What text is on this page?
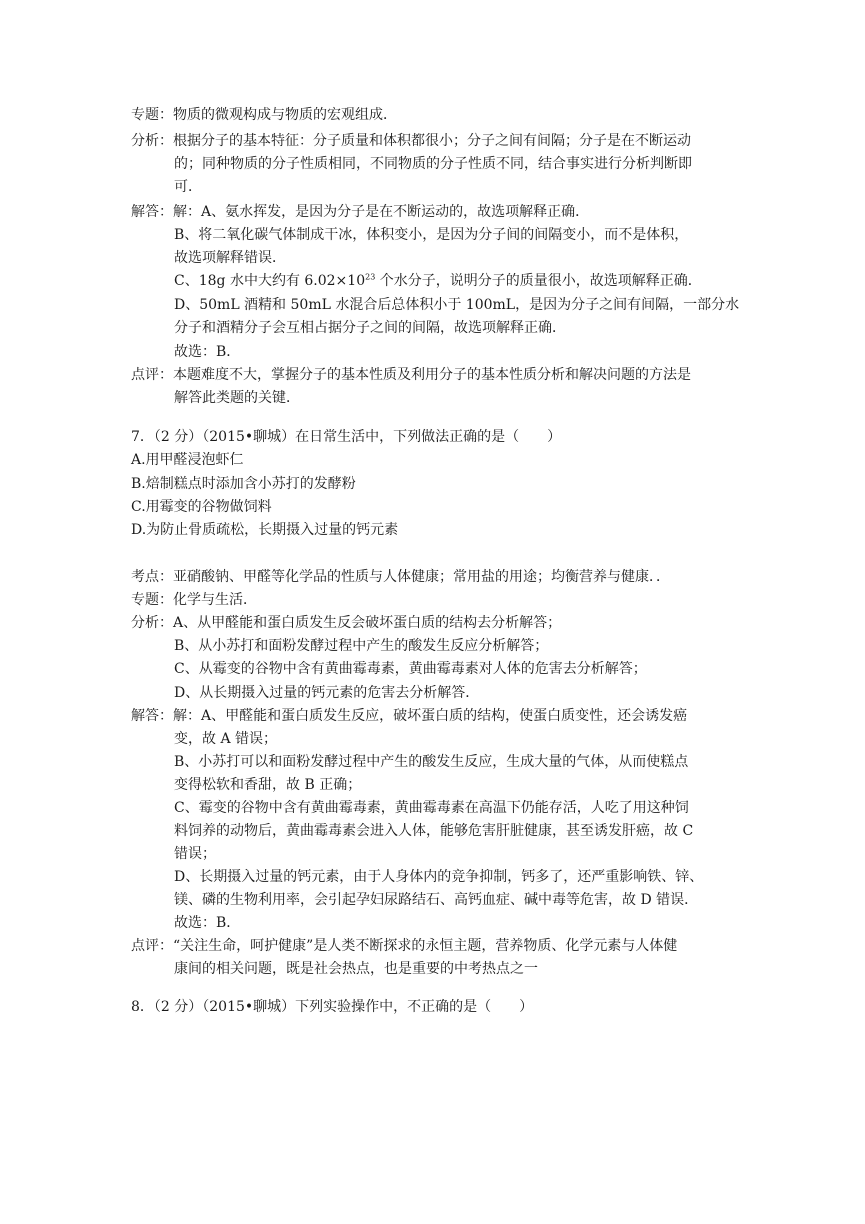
专题：物质的微观构成与物质的宏观组成．
分析：根据分子的基本特征：分子质量和体积都很小；分子之间有间隔；分子是在不断运动
的；同种物质的分子性质相同，不同物质的分子性质不同，结合事实进行分析判断即
可．
解答：解：A、氨水挥发，是因为分子是在不断运动的，故选项解释正确．
B、将二氧化碳气体制成干冰，体积变小，是因为分子间的间隔变小，而不是体积，
故选项解释错误．
C、18g 水中大约有 $6.02\times 10^{23}$ 个水分子，说明分子的质量很小，故选项解释正确．
D、50mL 酒精和 50mL 水混合后总体积小于 100mL，是因为分子之间有间隔，一部分水
分子和酒精分子会互相占据分子之间的间隔，故选项解释正确．
故选：B．
点评：本题难度不大，掌握分子的基本性质及利用分子的基本性质分析和解决问题的方法是
解答此类题的关键．
7．（2 分）（2015•聊城）在日常生活中，下列做法正确的是（　　）
A.用甲醛浸泡虾仁
B.焙制糕点时添加含小苏打的发酵粉
C.用霉变的谷物做饲料
D.为防止骨质疏松，长期摄入过量的钙元素
考点：亚硝酸钠、甲醛等化学品的性质与人体健康；常用盐的用途；均衡营养与健康．．
专题：化学与生活．
分析：A、从甲醛能和蛋白质发生反会破坏蛋白质的结构去分析解答；
B、从小苏打和面粉发酵过程中产生的酸发生反应分析解答；
C、从霉变的谷物中含有黄曲霉毒素，黄曲霉毒素对人体的危害去分析解答；
D、从长期摄入过量的钙元素的危害去分析解答．
解答：解：A、甲醛能和蛋白质发生反应，破坏蛋白质的结构，使蛋白质变性，还会诱发癌
变，故 A 错误；
B、小苏打可以和面粉发酵过程中产生的酸发生反应，生成大量的气体，从而使糕点
变得松软和香甜，故 B 正确；
C、霉变的谷物中含有黄曲霉毒素，黄曲霉毒素在高温下仍能存活，人吃了用这种饲
料饲养的动物后，黄曲霉毒素会进入人体，能够危害肝脏健康，甚至诱发肝癌，故 C
错误；
D、长期摄入过量的钙元素，由于人身体内的竞争抑制，钙多了，还严重影响铁、锌、
镁、磷的生物利用率，会引起孕妇尿路结石、高钙血症、碱中毒等危害，故 D 错误．
故选：B．
点评：“关注生命，呵护健康”是人类不断探求的永恒主题，营养物质、化学元素与人体健
康间的相关问题，既是社会热点，也是重要的中考热点之一
8．（2 分）（2015•聊城）下列实验操作中，不正确的是（　　）
